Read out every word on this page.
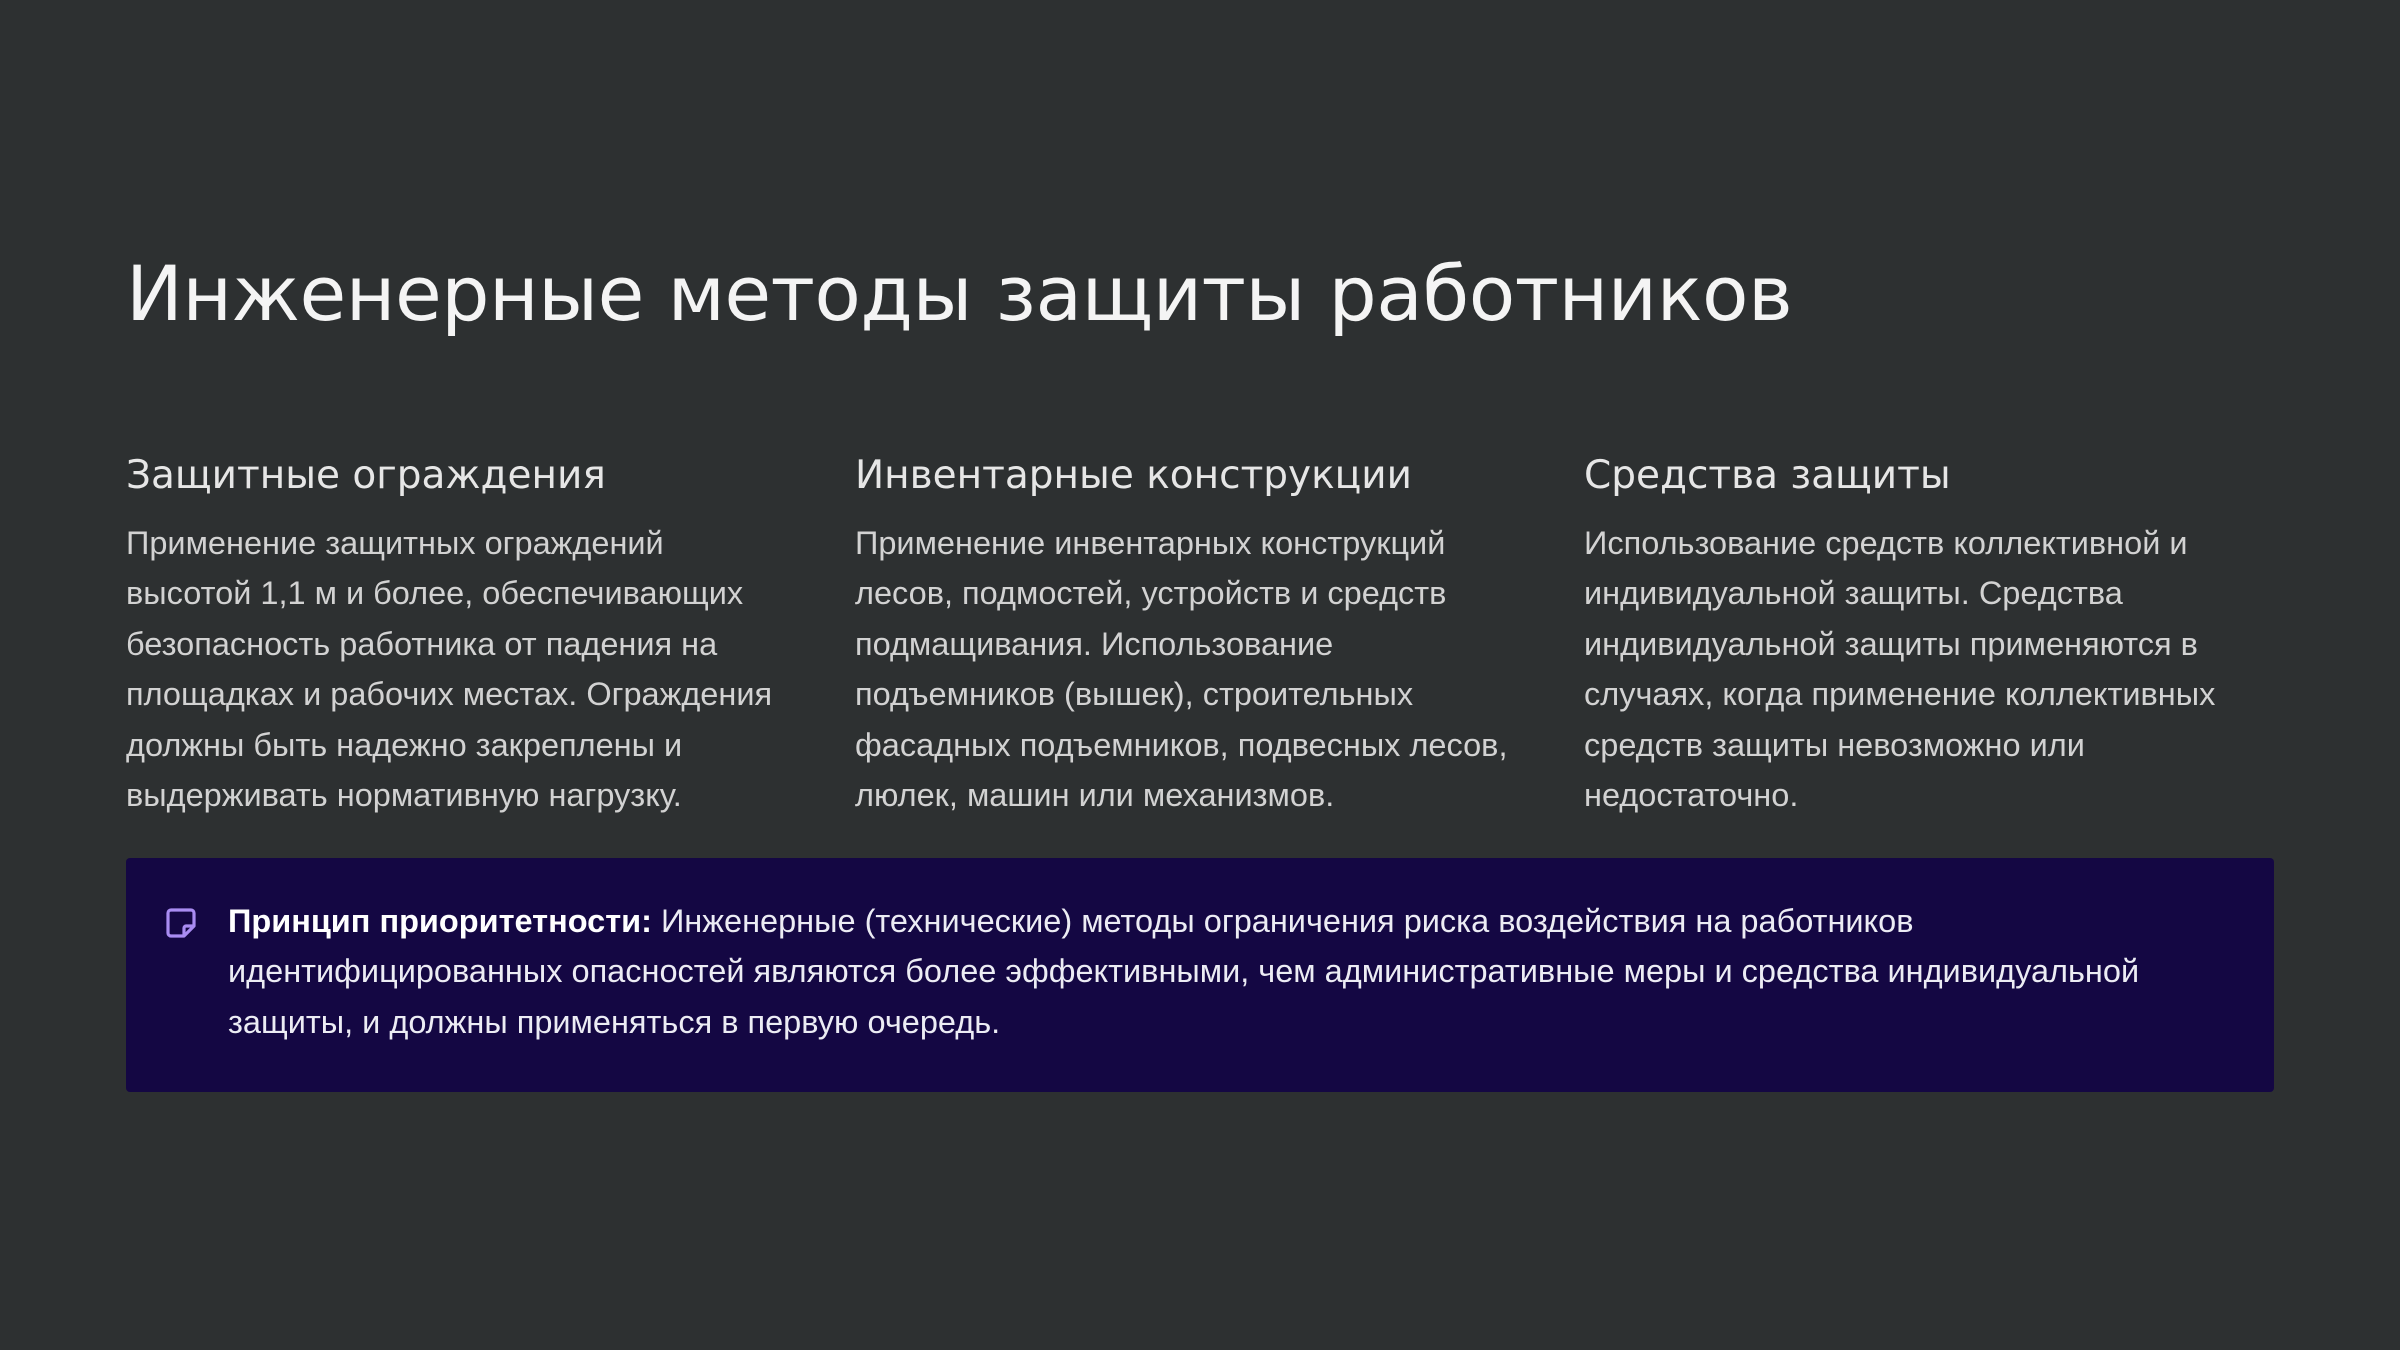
Инженерные методы защиты работников
Защитные ограждения

Применение защитных ограждений высотой 1,1 м и более, обеспечивающих безопасность работника от падения на площадках и рабочих местах. Ограждения должны быть надежно закреплены и выдерживать нормативную нагрузку.

Инвентарные конструкции

Применение инвентарных конструкций лесов, подмостей, устройств и средств подмащивания. Использование подъемников (вышек), строительных фасадных подъемников, подвесных лесов, люлек, машин или механизмов.

Средства защиты

Использование средств коллективной и индивидуальной защиты. Средства индивидуальной защиты применяются в случаях, когда применение коллективных средств защиты невозможно или недостаточно.

Принцип приоритетности: Инженерные (технические) методы ограничения риска воздействия на работников идентифицированных опасностей являются более эффективными, чем административные меры и средства индивидуальной защиты, и должны применяться в первую очередь.
